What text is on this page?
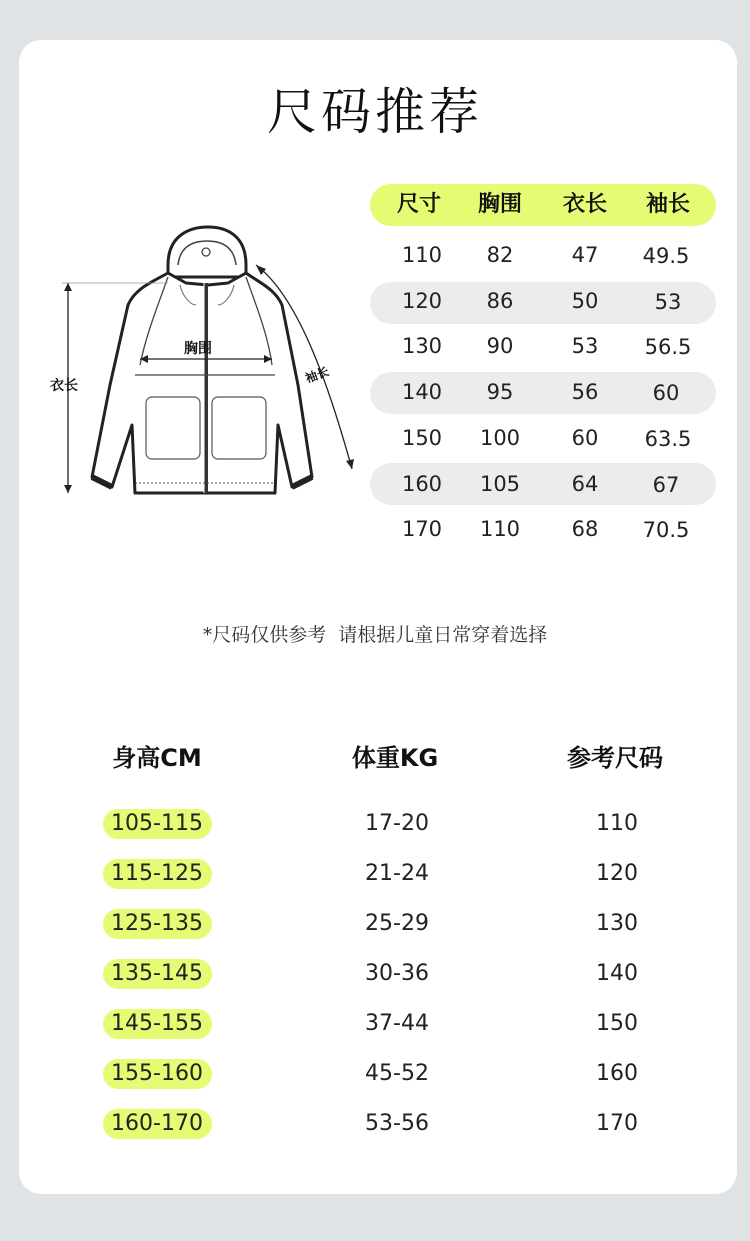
尺码推荐
胸围
衣长
袖长
尺寸	胸围	衣长	袖长
110	82	47	49.5
120	86	50	53
130	90	53	56.5
140	95	56	60
150	100	60	63.5
160	105	64	67
170	110	68	70.5
*尺码仅供参考  请根据儿童日常穿着选择
身高CM	体重KG	参考尺码
105-115	17-20	110
115-125	21-24	120
125-135	25-29	130
135-145	30-36	140
145-155	37-44	150
155-160	45-52	160
160-170	53-56	170
